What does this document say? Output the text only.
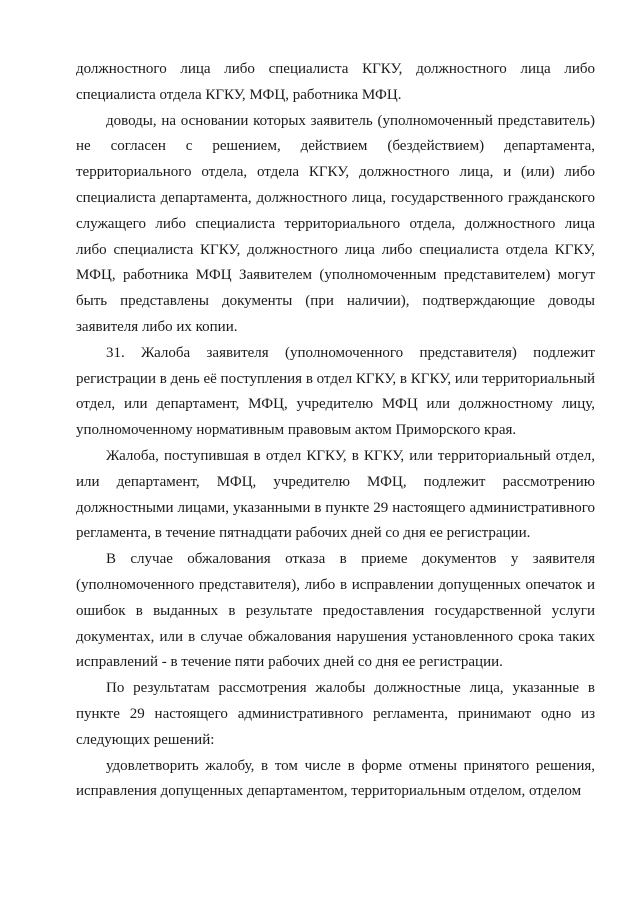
должностного лица либо специалиста КГКУ, должностного лица либо специалиста отдела КГКУ, МФЦ, работника МФЦ.

доводы, на основании которых заявитель (уполномоченный представитель) не согласен с решением, действием (бездействием) департамента, территориального отдела, отдела КГКУ, должностного лица, и (или) либо специалиста департамента, должностного лица, государственного гражданского служащего либо специалиста территориального отдела, должностного лица либо специалиста КГКУ, должностного лица либо специалиста отдела КГКУ, МФЦ, работника МФЦ Заявителем (уполномоченным представителем) могут быть представлены документы (при наличии), подтверждающие доводы заявителя либо их копии.

31. Жалоба заявителя (уполномоченного представителя) подлежит регистрации в день её поступления в отдел КГКУ, в КГКУ, или территориальный отдел, или департамент, МФЦ, учредителю МФЦ или должностному лицу, уполномоченному нормативным правовым актом Приморского края.

Жалоба, поступившая в отдел КГКУ, в КГКУ, или территориальный отдел, или департамент, МФЦ, учредителю МФЦ, подлежит рассмотрению должностными лицами, указанными в пункте 29 настоящего административного регламента, в течение пятнадцати рабочих дней со дня ее регистрации.

В случае обжалования отказа в приеме документов у заявителя (уполномоченного представителя), либо в исправлении допущенных опечаток и ошибок в выданных в результате предоставления государственной услуги документах, или в случае обжалования нарушения установленного срока таких исправлений - в течение пяти рабочих дней со дня ее регистрации.

По результатам рассмотрения жалобы должностные лица, указанные в пункте 29 настоящего административного регламента, принимают одно из следующих решений:

удовлетворить жалобу, в том числе в форме отмены принятого решения, исправления допущенных департаментом, территориальным отделом, отделом
